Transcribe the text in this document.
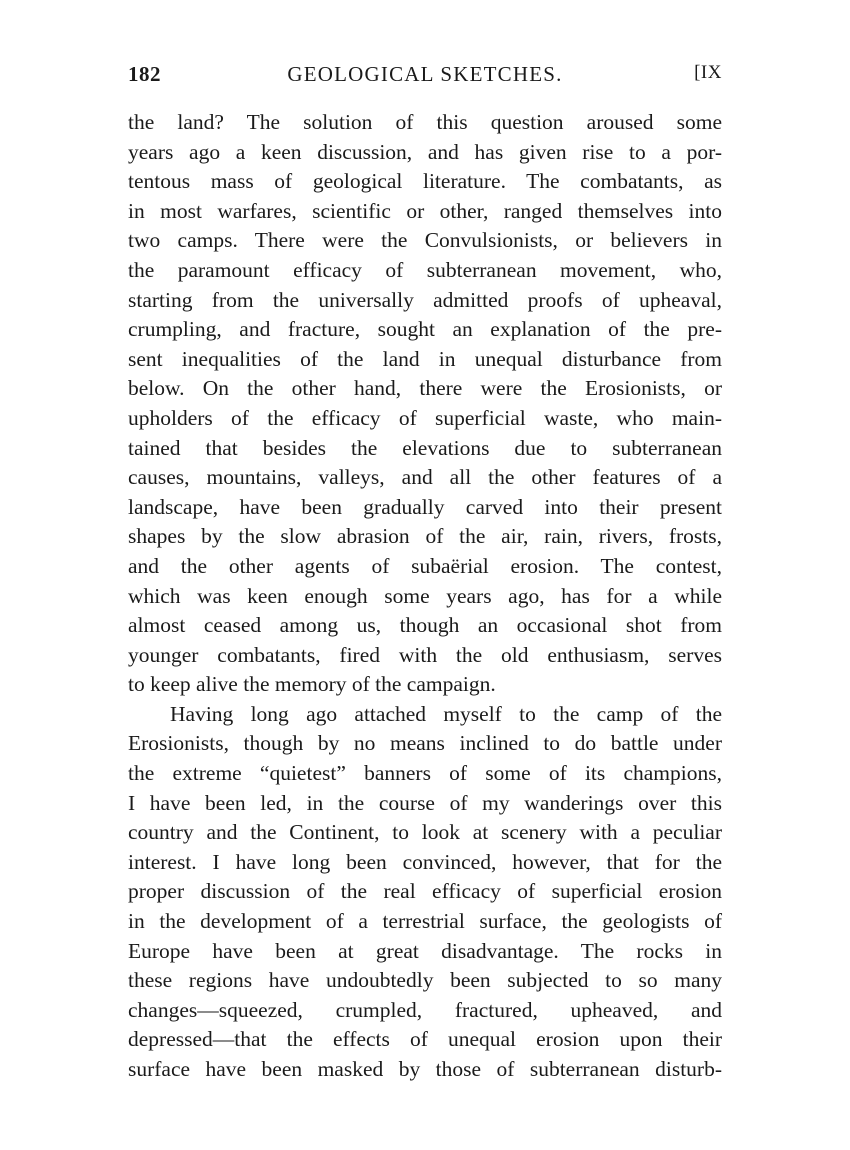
182	GEOLOGICAL SKETCHES.	[IX
the land? The solution of this question aroused some
years ago a keen discussion, and has given rise to a por-
tentous mass of geological literature. The combatants, as
in most warfares, scientific or other, ranged themselves into
two camps. There were the Convulsionists, or believers in
the paramount efficacy of subterranean movement, who,
starting from the universally admitted proofs of upheaval,
crumpling, and fracture, sought an explanation of the pre-
sent inequalities of the land in unequal disturbance from
below. On the other hand, there were the Erosionists, or
upholders of the efficacy of superficial waste, who main-
tained that besides the elevations due to subterranean
causes, mountains, valleys, and all the other features of a
landscape, have been gradually carved into their present
shapes by the slow abrasion of the air, rain, rivers, frosts,
and the other agents of subaërial erosion. The contest,
which was keen enough some years ago, has for a while
almost ceased among us, though an occasional shot from
younger combatants, fired with the old enthusiasm, serves
to keep alive the memory of the campaign.
Having long ago attached myself to the camp of the
Erosionists, though by no means inclined to do battle under
the extreme “quietest” banners of some of its champions,
I have been led, in the course of my wanderings over this
country and the Continent, to look at scenery with a peculiar
interest. I have long been convinced, however, that for the
proper discussion of the real efficacy of superficial erosion
in the development of a terrestrial surface, the geologists of
Europe have been at great disadvantage. The rocks in
these regions have undoubtedly been subjected to so many
changes—squeezed, crumpled, fractured, upheaved, and
depressed—that the effects of unequal erosion upon their
surface have been masked by those of subterranean disturb-
